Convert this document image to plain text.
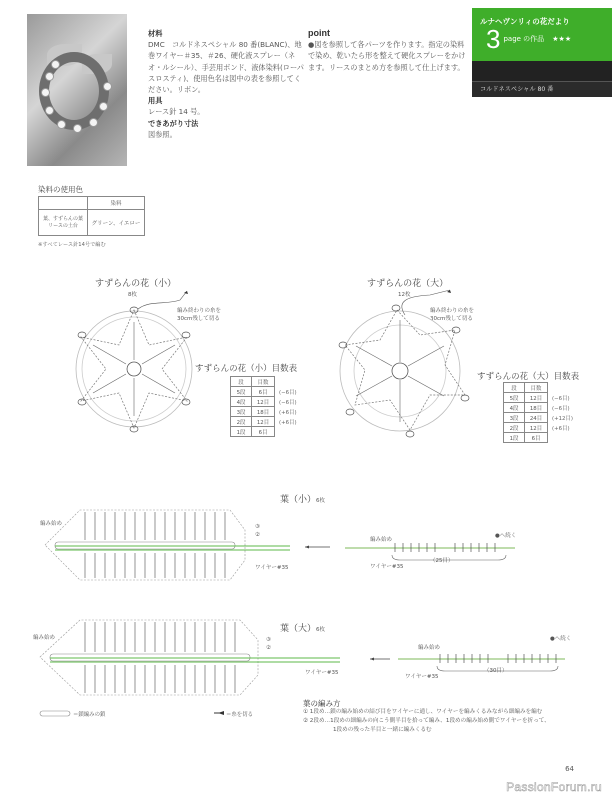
材料
DMC　コルドネスペシャル 80 番(BLANC)、地巻ワイヤー＃35、＃26、硬化液スプレー（ネオ・ルシール）、手芸用ボンド、液体染料(ローパスロスティ)、使用色名は図中の表を参照してください。リボン。
用具
レース針 14 号。
できあがり寸法
図参照。
point
●図を参照して各パーツを作ります。指定の染料で染め、乾いたら形を整えて硬化スプレーをかけます。リースのまとめ方を参照して仕上げます。
ルナヘヴンリィの花だより
3 page の作品 ★★★
コルドネスペシャル 80 番
染料の使用色
	染料
葉、すずらんの葉リースの土台	グリーン、イエロー
※すべてレース針14号で編む
すずらんの花（小）
8枚
編み終わりの糸を
30cm残して切る
すずらんの花（小）目数表
段	目数	
5段	6目	(−6目)
4段	12目	(−6目)
3段	18目	(+6目)
2段	12目	(+6目)
1段	6目	
すずらんの花（大）
12枚
編み終わりの糸を
30cm残して切る
すずらんの花（大）目数表
段	目数	
5段	12目	(−6目)
4段	18目	(−6目)
3段	24目	(+12目)
2段	12目	(+6目)
1段	6目	
葉（小）6枚
編み始め	③
②
ワイヤー#35
編み始め
●へ続く
（25目）
ワイヤー#35
葉（大）6枚
編み始め	③
②	編み始め
●へ続く
（30目）
ワイヤー#35
ワイヤー#35
＝鎖編みの鎖	＝糸を切る
葉の編み方
① 1段め…鎖の編み始めの結び目をワイヤーに通し、ワイヤーを編みくるみながら細編みを編む
② 2段め…1段めの細編みの向こう側半目を拾って編み、1段めの編み始め側でワイヤーを折って、
1段めの残った半目と一緒に編みくるむ
64
PassionForum.ru
